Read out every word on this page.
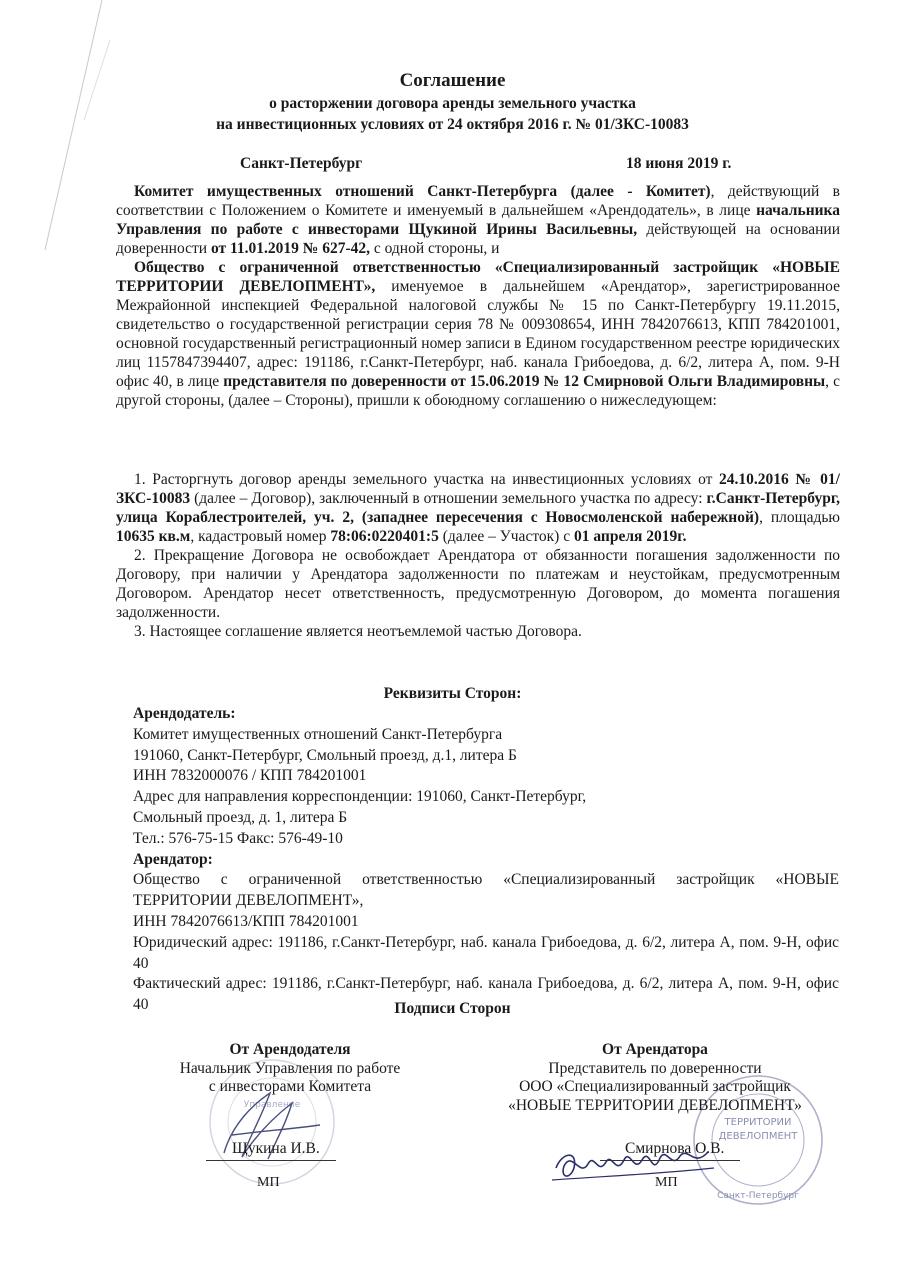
Соглашение
о расторжении договора аренды земельного участка
на инвестиционных условиях от 24 октября 2016 г. № 01/ЗКС-10083
Санкт-Петербург	18 июня 2019 г.

Комитет имущественных отношений Санкт-Петербурга (далее - Комитет), действующий в соответствии с Положением о Комитете и именуемый в дальнейшем «Арендодатель», в лице начальника Управления по работе с инвесторами Щукиной Ирины Васильевны, действующей на основании доверенности от 11.01.2019 № 627-42, с одной стороны, и

Общество с ограниченной ответственностью «Специализированный застройщик «НОВЫЕ ТЕРРИТОРИИ ДЕВЕЛОПМЕНТ», именуемое в дальнейшем «Арендатор», зарегистрированное Межрайонной инспекцией Федеральной налоговой службы № 15 по Санкт-Петербургу 19.11.2015, свидетельство о государственной регистрации серия 78 № 009308654, ИНН 7842076613, КПП 784201001, основной государственный регистрационный номер записи в Едином государственном реестре юридических лиц 1157847394407, адрес: 191186, г.Санкт-Петербург, наб. канала Грибоедова, д. 6/2, литера А, пом. 9-Н офис 40, в лице представителя по доверенности от 15.06.2019 № 12 Смирновой Ольги Владимировны, с другой стороны, (далее – Стороны), пришли к обоюдному соглашению о нижеследующем:

1. Расторгнуть договор аренды земельного участка на инвестиционных условиях от 24.10.2016 № 01/ЗКС-10083 (далее – Договор), заключенный в отношении земельного участка по адресу: г.Санкт-Петербург, улица Кораблестроителей, уч. 2, (западнее пересечения с Новосмоленской набережной), площадью 10635 кв.м, кадастровый номер 78:06:0220401:5 (далее – Участок) с 01 апреля 2019г.

2. Прекращение Договора не освобождает Арендатора от обязанности погашения задолженности по Договору, при наличии у Арендатора задолженности по платежам и неустойкам, предусмотренным Договором. Арендатор несет ответственность, предусмотренную Договором, до момента погашения задолженности.

3. Настоящее соглашение является неотъемлемой частью Договора.

Реквизиты Сторон:
Арендодатель:
Комитет имущественных отношений Санкт-Петербурга
191060, Санкт-Петербург, Смольный проезд, д.1, литера Б
ИНН 7832000076 / КПП 784201001
Адрес для направления корреспонденции: 191060, Санкт-Петербург,
Смольный проезд, д. 1, литера Б
Тел.: 576-75-15 Факс: 576-49-10
Арендатор:
Общество с ограниченной ответственностью «Специализированный застройщик «НОВЫЕ ТЕРРИТОРИИ ДЕВЕЛОПМЕНТ»,
ИНН 7842076613/КПП 784201001
Юридический адрес: 191186, г.Санкт-Петербург, наб. канала Грибоедова, д. 6/2, литера А, пом. 9-Н, офис 40
Фактический адрес: 191186, г.Санкт-Петербург, наб. канала Грибоедова, д. 6/2, литера А, пом. 9-Н, офис 40	Подписи Сторон
Управление
ТЕРРИТОРИИ
ДЕВЕЛОПМЕНТ
Санкт-Петербург
От Арендодателя
Начальник Управления по работе
с инвесторами Комитета
От Арендатора
Представитель по доверенности
ООО «Специализированный застройщик
«НОВЫЕ ТЕРРИТОРИИ ДЕВЕЛОПМЕНТ»
Щукина И.В.	Смирнова О.В.
МП	МП
